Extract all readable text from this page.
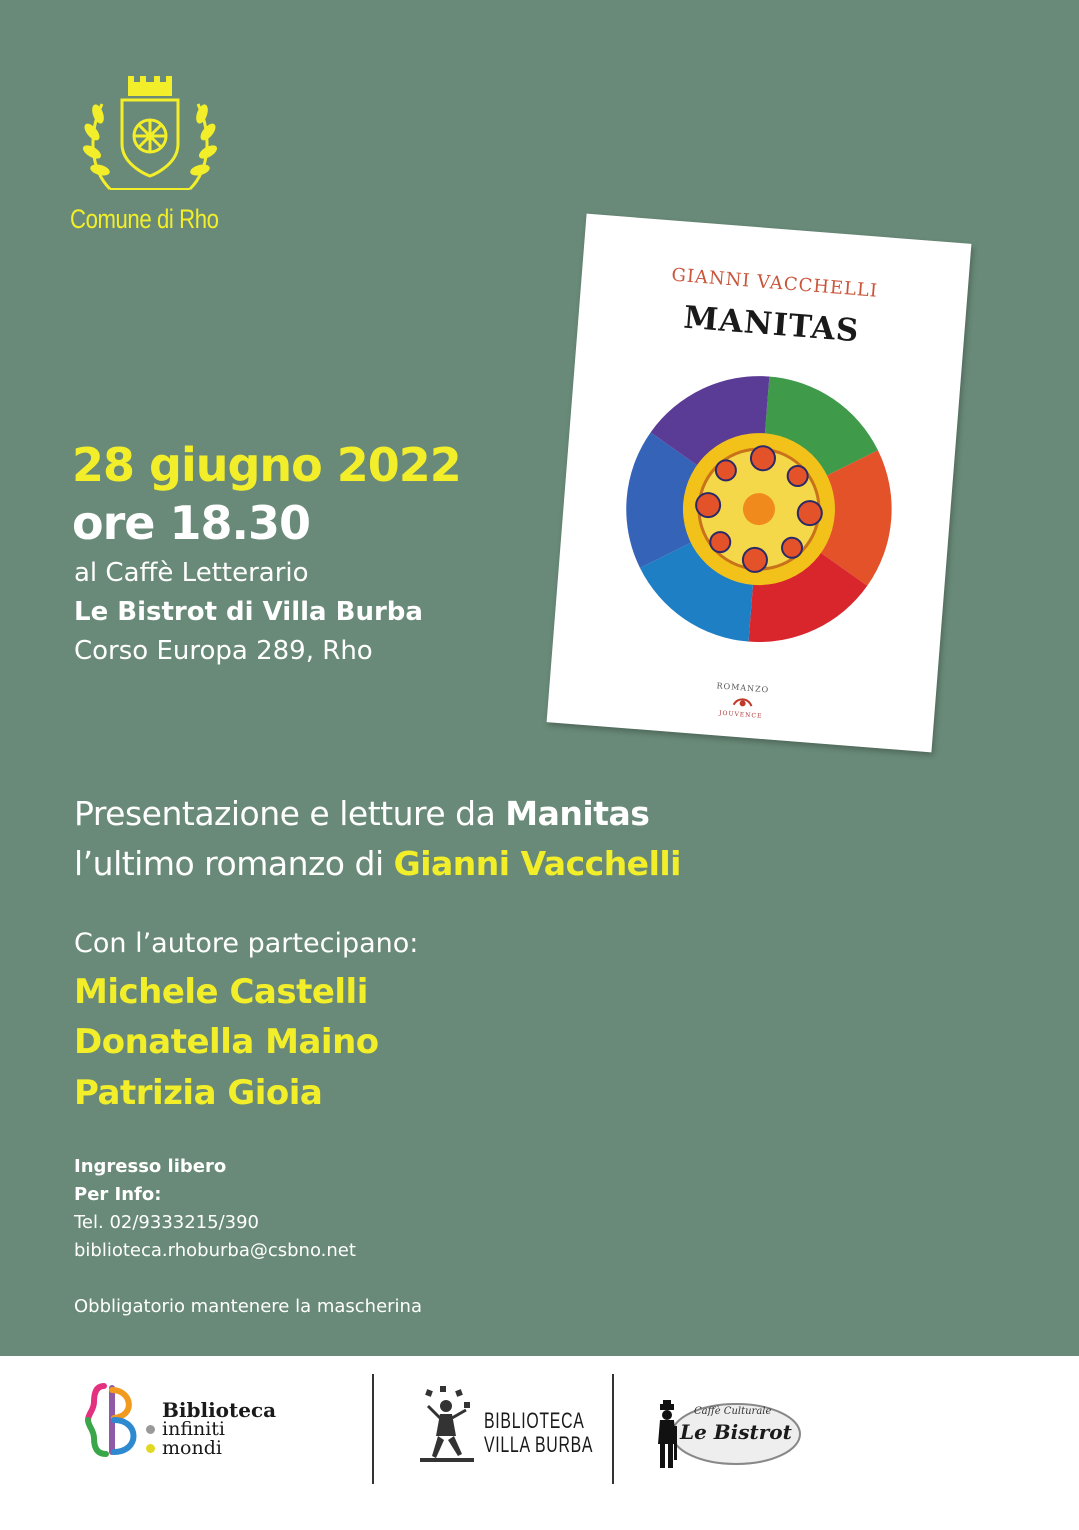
Comune di Rho
GIANNI VACCHELLI
MANITAS
ROMANZO
JOUVENCE
28 giugno 2022
ore 18.30
al Caffè Letterario
Le Bistrot di Villa Burba
Corso Europa 289, Rho
Presentazione e letture da Manitas
l’ultimo romanzo di Gianni Vacchelli
Con l’autore partecipano:
Michele Castelli
Donatella Maino
Patrizia Gioia
Ingresso libero
Per Info:
Tel. 02/9333215/390
biblioteca.rhoburba@csbno.net
Obbligatorio mantenere la mascherina
Biblioteca
infiniti
mondi
BIBLIOTECA
VILLA BURBA
Caffè Culturale
Le Bistrot
